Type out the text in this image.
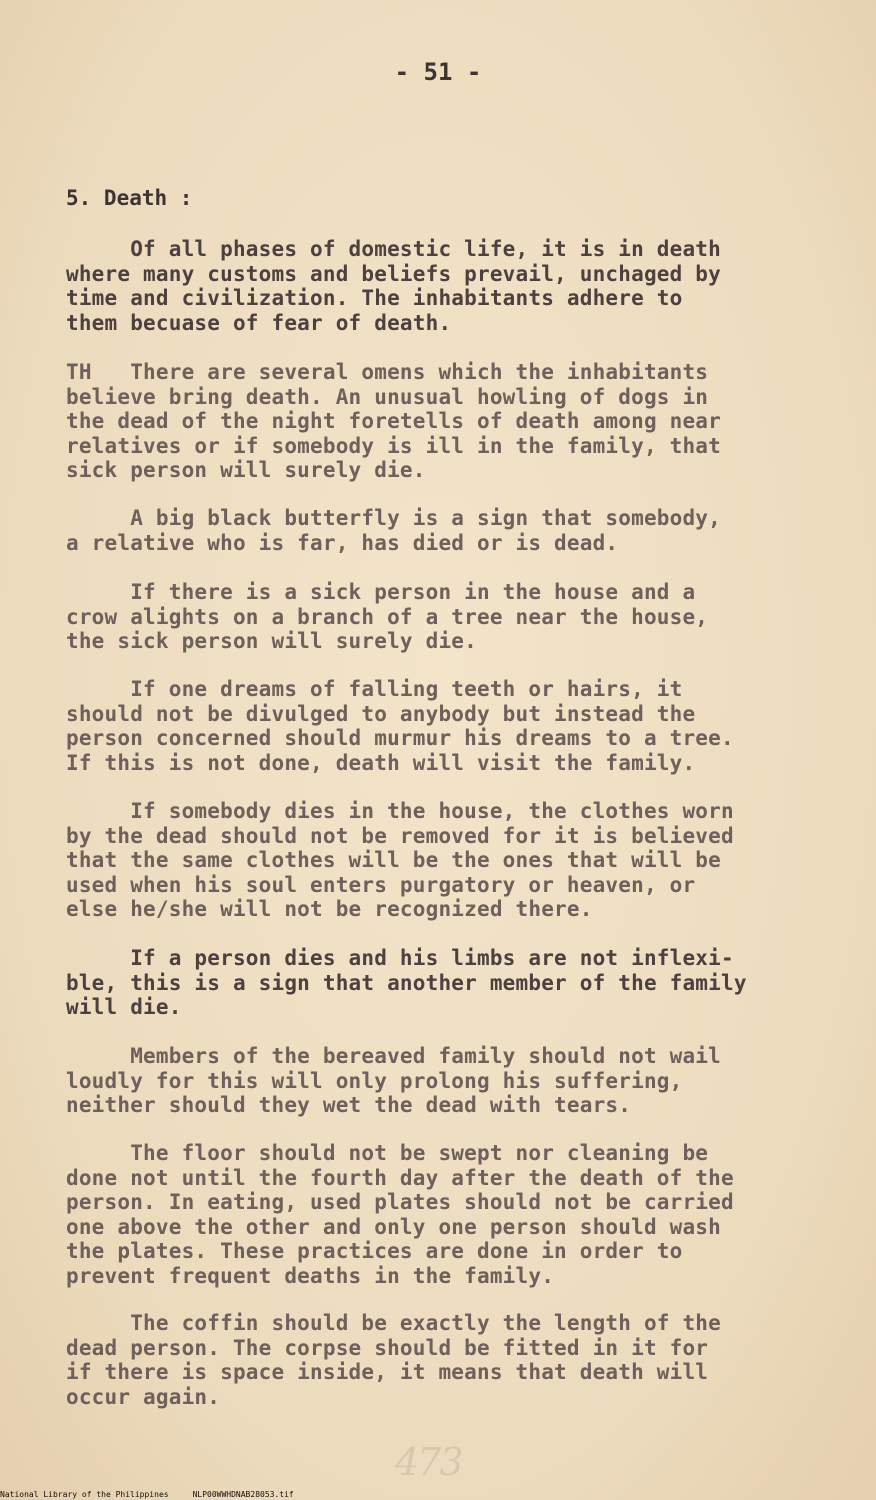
- 51 -
5. Death :
Of all phases of domestic life, it is in death
where many customs and beliefs prevail, unchaged by
time and civilization. The inhabitants adhere to
them becuase of fear of death.
TH   There are several omens which the inhabitants
believe bring death. An unusual howling of dogs in
the dead of the night foretells of death among near
relatives or if somebody is ill in the family, that
sick person will surely die.
A big black butterfly is a sign that somebody,
a relative who is far, has died or is dead.
If there is a sick person in the house and a
crow alights on a branch of a tree near the house,
the sick person will surely die.
If one dreams of falling teeth or hairs, it
should not be divulged to anybody but instead the
person concerned should murmur his dreams to a tree.
If this is not done, death will visit the family.
If somebody dies in the house, the clothes worn
by the dead should not be removed for it is believed
that the same clothes will be the ones that will be
used when his soul enters purgatory or heaven, or
else he/she will not be recognized there.
If a person dies and his limbs are not inflexi-
ble, this is a sign that another member of the family
will die.
Members of the bereaved family should not wail
loudly for this will only prolong his suffering,
neither should they wet the dead with tears.
The floor should not be swept nor cleaning be
done not until the fourth day after the death of the
person. In eating, used plates should not be carried
one above the other and only one person should wash
the plates. These practices are done in order to
prevent frequent deaths in the family.
The coffin should be exactly the length of the
dead person. The corpse should be fitted in it for
if there is space inside, it means that death will
occur again.
473
National Library of the Philippines	NLP00WWHDNAB28053.tif
